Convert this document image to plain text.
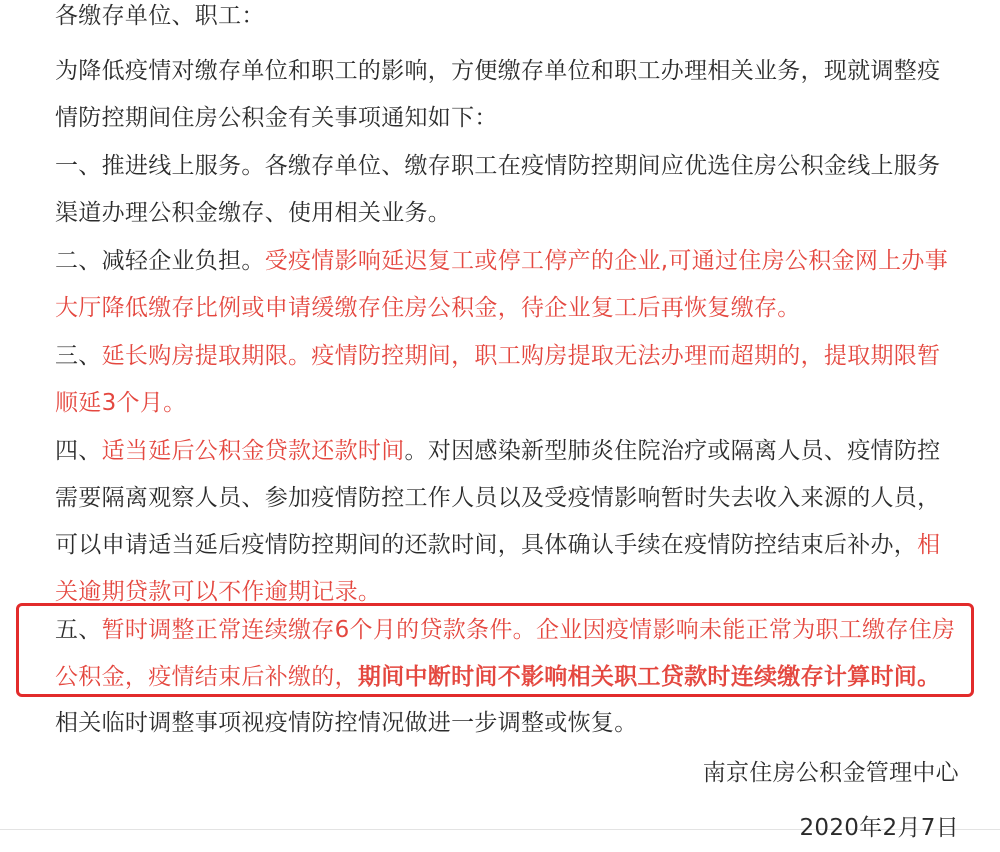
各缴存单位、职工：

为降低疫情对缴存单位和职工的影响，方便缴存单位和职工办理相关业务，现就调整疫情防控期间住房公积金有关事项通知如下：

一、推进线上服务。各缴存单位、缴存职工在疫情防控期间应优选住房公积金线上服务渠道办理公积金缴存、使用相关业务。

二、减轻企业负担。受疫情影响延迟复工或停工停产的企业,可通过住房公积金网上办事大厅降低缴存比例或申请缓缴存住房公积金，待企业复工后再恢复缴存。

三、延长购房提取期限。疫情防控期间，职工购房提取无法办理而超期的，提取期限暂顺延3个月。

四、适当延后公积金贷款还款时间。对因感染新型肺炎住院治疗或隔离人员、疫情防控需要隔离观察人员、参加疫情防控工作人员以及受疫情影响暂时失去收入来源的人员，可以申请适当延后疫情防控期间的还款时间，具体确认手续在疫情防控结束后补办，相关逾期贷款可以不作逾期记录。

五、暂时调整正常连续缴存6个月的贷款条件。企业因疫情影响未能正常为职工缴存住房公积金，疫情结束后补缴的，期间中断时间不影响相关职工贷款时连续缴存计算时间。

相关临时调整事项视疫情防控情况做进一步调整或恢复。

南京住房公积金管理中心

2020年2月7日
